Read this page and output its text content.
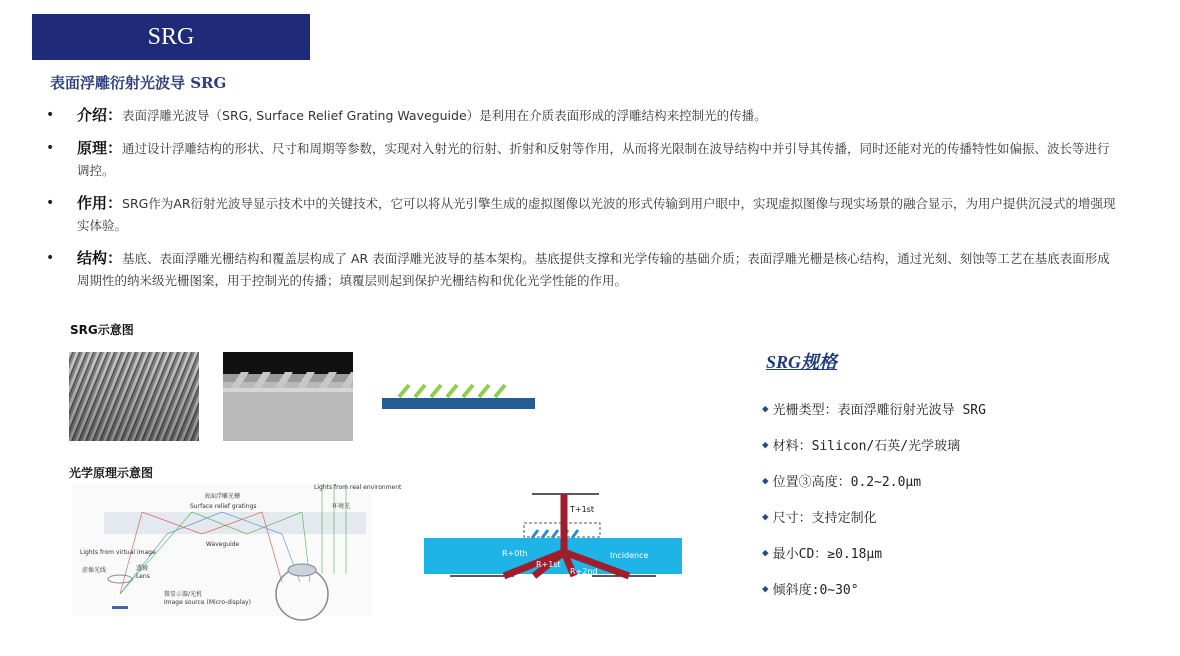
SRG
表面浮雕衍射光波导 SRG
• 介绍：表面浮雕光波导（SRG, Surface Relief Grating Waveguide）是利用在介质表面形成的浮雕结构来控制光的传播。
• 原理：通过设计浮雕结构的形状、尺寸和周期等参数，实现对入射光的衍射、折射和反射等作用，从而将光限制在波导结构中并引导其传播，同时还能对光的传播特性如偏振、波长等进行调控。
• 作用：SRG作为AR衍射光波导显示技术中的关键技术，它可以将从光引擎生成的虚拟图像以光波的形式传输到用户眼中，实现虚拟图像与现实场景的融合显示，为用户提供沉浸式的增强现实体验。
• 结构：基底、表面浮雕光栅结构和覆盖层构成了 AR 表面浮雕光波导的基本架构。基底提供支撑和光学传输的基础介质；表面浮雕光栅是核心结构，通过光刻、刻蚀等工艺在基底表面形成周期性的纳米级光栅图案，用于控制光的传播；填覆层则起到保护光栅结构和优化光学性能的作用。
SRG示意图
光学原理示意图
表面浮雕光栅
Surface relief gratings
Lights from real environment
环境光
Waveguide
Lights from virtual image
虚像光线	透镜
Lens
微显示器/光机
Image source (Micro-display)
T+1st
R+0th
R+1st
R+2nd
Incidence
SRG规格
◆ 光栅类型：表面浮雕衍射光波导 SRG
◆ 材料：Silicon/石英/光学玻璃
◆ 位置③高度：0.2~2.0μm
◆ 尺寸：支持定制化
◆ 最小CD：≥0.18μm
◆ 倾斜度:0~30°
